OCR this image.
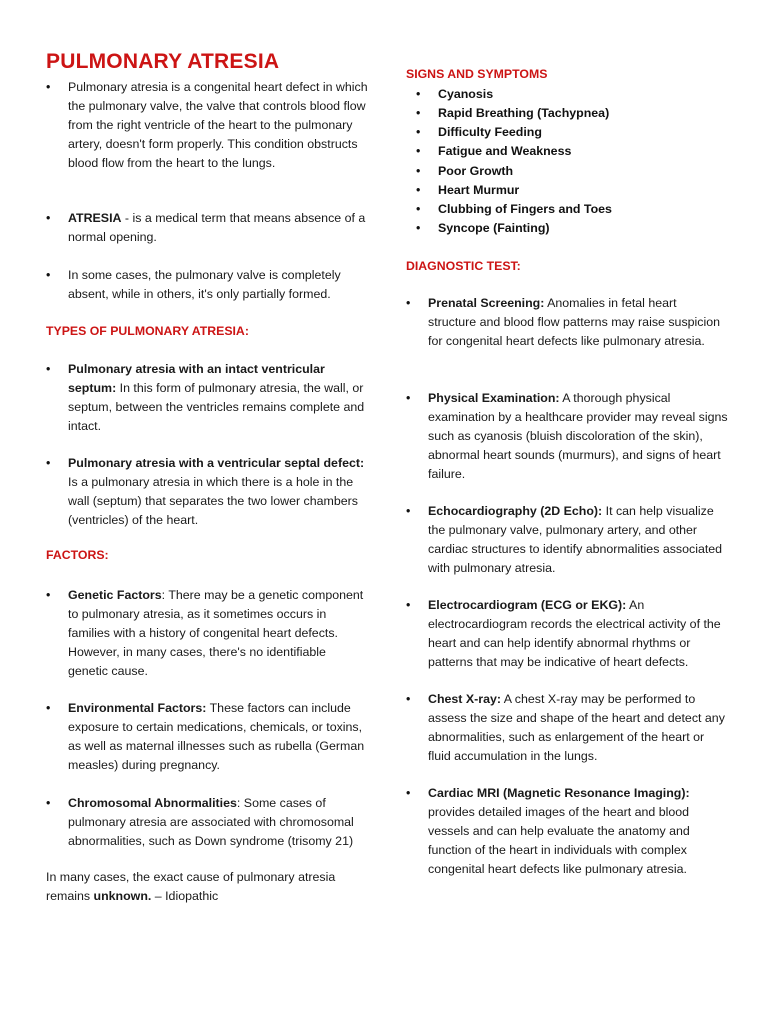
PULMONARY ATRESIA
• Pulmonary atresia is a congenital heart defect in which the pulmonary valve, the valve that controls blood flow from the right ventricle of the heart to the pulmonary artery, doesn't form properly. This condition obstructs blood flow from the heart to the lungs.
• ATRESIA - is a medical term that means absence of a normal opening.
• In some cases, the pulmonary valve is completely absent, while in others, it's only partially formed.
TYPES OF PULMONARY ATRESIA:
• Pulmonary atresia with an intact ventricular septum: In this form of pulmonary atresia, the wall, or septum, between the ventricles remains complete and intact.
• Pulmonary atresia with a ventricular septal defect: Is a pulmonary atresia in which there is a hole in the wall (septum) that separates the two lower chambers (ventricles) of the heart.
FACTORS:
• Genetic Factors: There may be a genetic component to pulmonary atresia, as it sometimes occurs in families with a history of congenital heart defects. However, in many cases, there's no identifiable genetic cause.
• Environmental Factors: These factors can include exposure to certain medications, chemicals, or toxins, as well as maternal illnesses such as rubella (German measles) during pregnancy.
• Chromosomal Abnormalities: Some cases of pulmonary atresia are associated with chromosomal abnormalities, such as Down syndrome (trisomy 21)

In many cases, the exact cause of pulmonary atresia remains unknown. – Idiopathic

SIGNS AND SYMPTOMS
• Cyanosis
• Rapid Breathing (Tachypnea)
• Difficulty Feeding
• Fatigue and Weakness
• Poor Growth
• Heart Murmur
• Clubbing of Fingers and Toes
• Syncope (Fainting)
DIAGNOSTIC TEST:
• Prenatal Screening: Anomalies in fetal heart structure and blood flow patterns may raise suspicion for congenital heart defects like pulmonary atresia.
• Physical Examination: A thorough physical examination by a healthcare provider may reveal signs such as cyanosis (bluish discoloration of the skin), abnormal heart sounds (murmurs), and signs of heart failure.
• Echocardiography (2D Echo): It can help visualize the pulmonary valve, pulmonary artery, and other cardiac structures to identify abnormalities associated with pulmonary atresia.
• Electrocardiogram (ECG or EKG): An electrocardiogram records the electrical activity of the heart and can help identify abnormal rhythms or patterns that may be indicative of heart defects.
• Chest X-ray: A chest X-ray may be performed to assess the size and shape of the heart and detect any abnormalities, such as enlargement of the heart or fluid accumulation in the lungs.
• Cardiac MRI (Magnetic Resonance Imaging): provides detailed images of the heart and blood vessels and can help evaluate the anatomy and function of the heart in individuals with complex congenital heart defects like pulmonary atresia.
